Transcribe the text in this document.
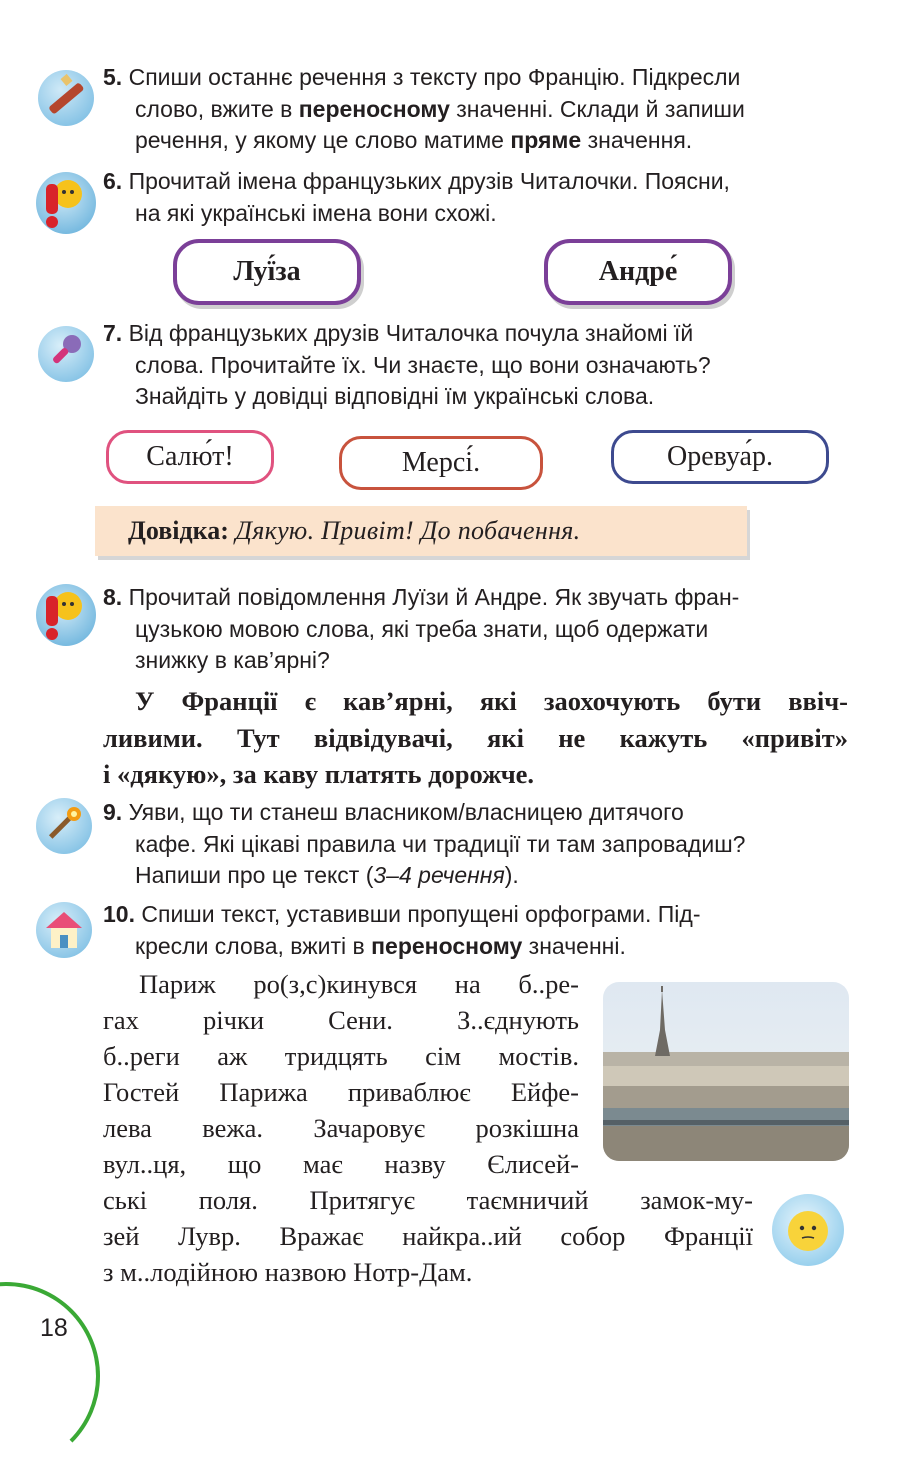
5. Спиши останнє речення з тексту про Францію. Підкресли
слово, вжите в переносному значенні. Склади й запиши
речення, у якому це слово матиме пряме значення.
6. Прочитай імена французьких друзів Читалочки. Поясни,
на які українські імена вони схожі.
Луї́за	Андре́
7. Від французьких друзів Читалочка почула знайомі їй
слова. Прочитайте їх. Чи знаєте, що вони означають?
Знайдіть у довідці відповідні їм українські слова.
Салю́т!	Мерсі́.	Оревуа́р.
Довідка:
Дякую. Привіт! До побачення.
8. Прочитай повідомлення Луїзи й Андре. Як звучать фран-
цузькою мовою слова, які треба знати, щоб одержати
знижку в кав’ярні?
У Франції є кав’ярні, які заохочують бути ввіч-
ливими. Тут відвідувачі, які не кажуть «привіт»
і «дякую», за каву платять дорожче.
9. Уяви, що ти станеш власником/власницею дитячого
кафе. Які цікаві правила чи традиції ти там запровадиш?
Напиши про це текст (3–4 речення).
10. Спиши текст, уставивши пропущені орфограми. Під-
кресли слова, вжиті в переносному значенні.
Париж ро(з,с)кинувся на б..ре-
гах річки Сени. З..єднують
б..реги аж тридцять сім мостів.
Гостей Парижа приваблює Ейфе-
лева вежа. Зачаровує розкішна
вул..ця, що має назву Єлисей-
ські поля. Притягує таємничий замок-му-
зей Лувр. Вражає найкра..ий собор Франції
з м..лодійною назвою Нотр-Дам.
18
